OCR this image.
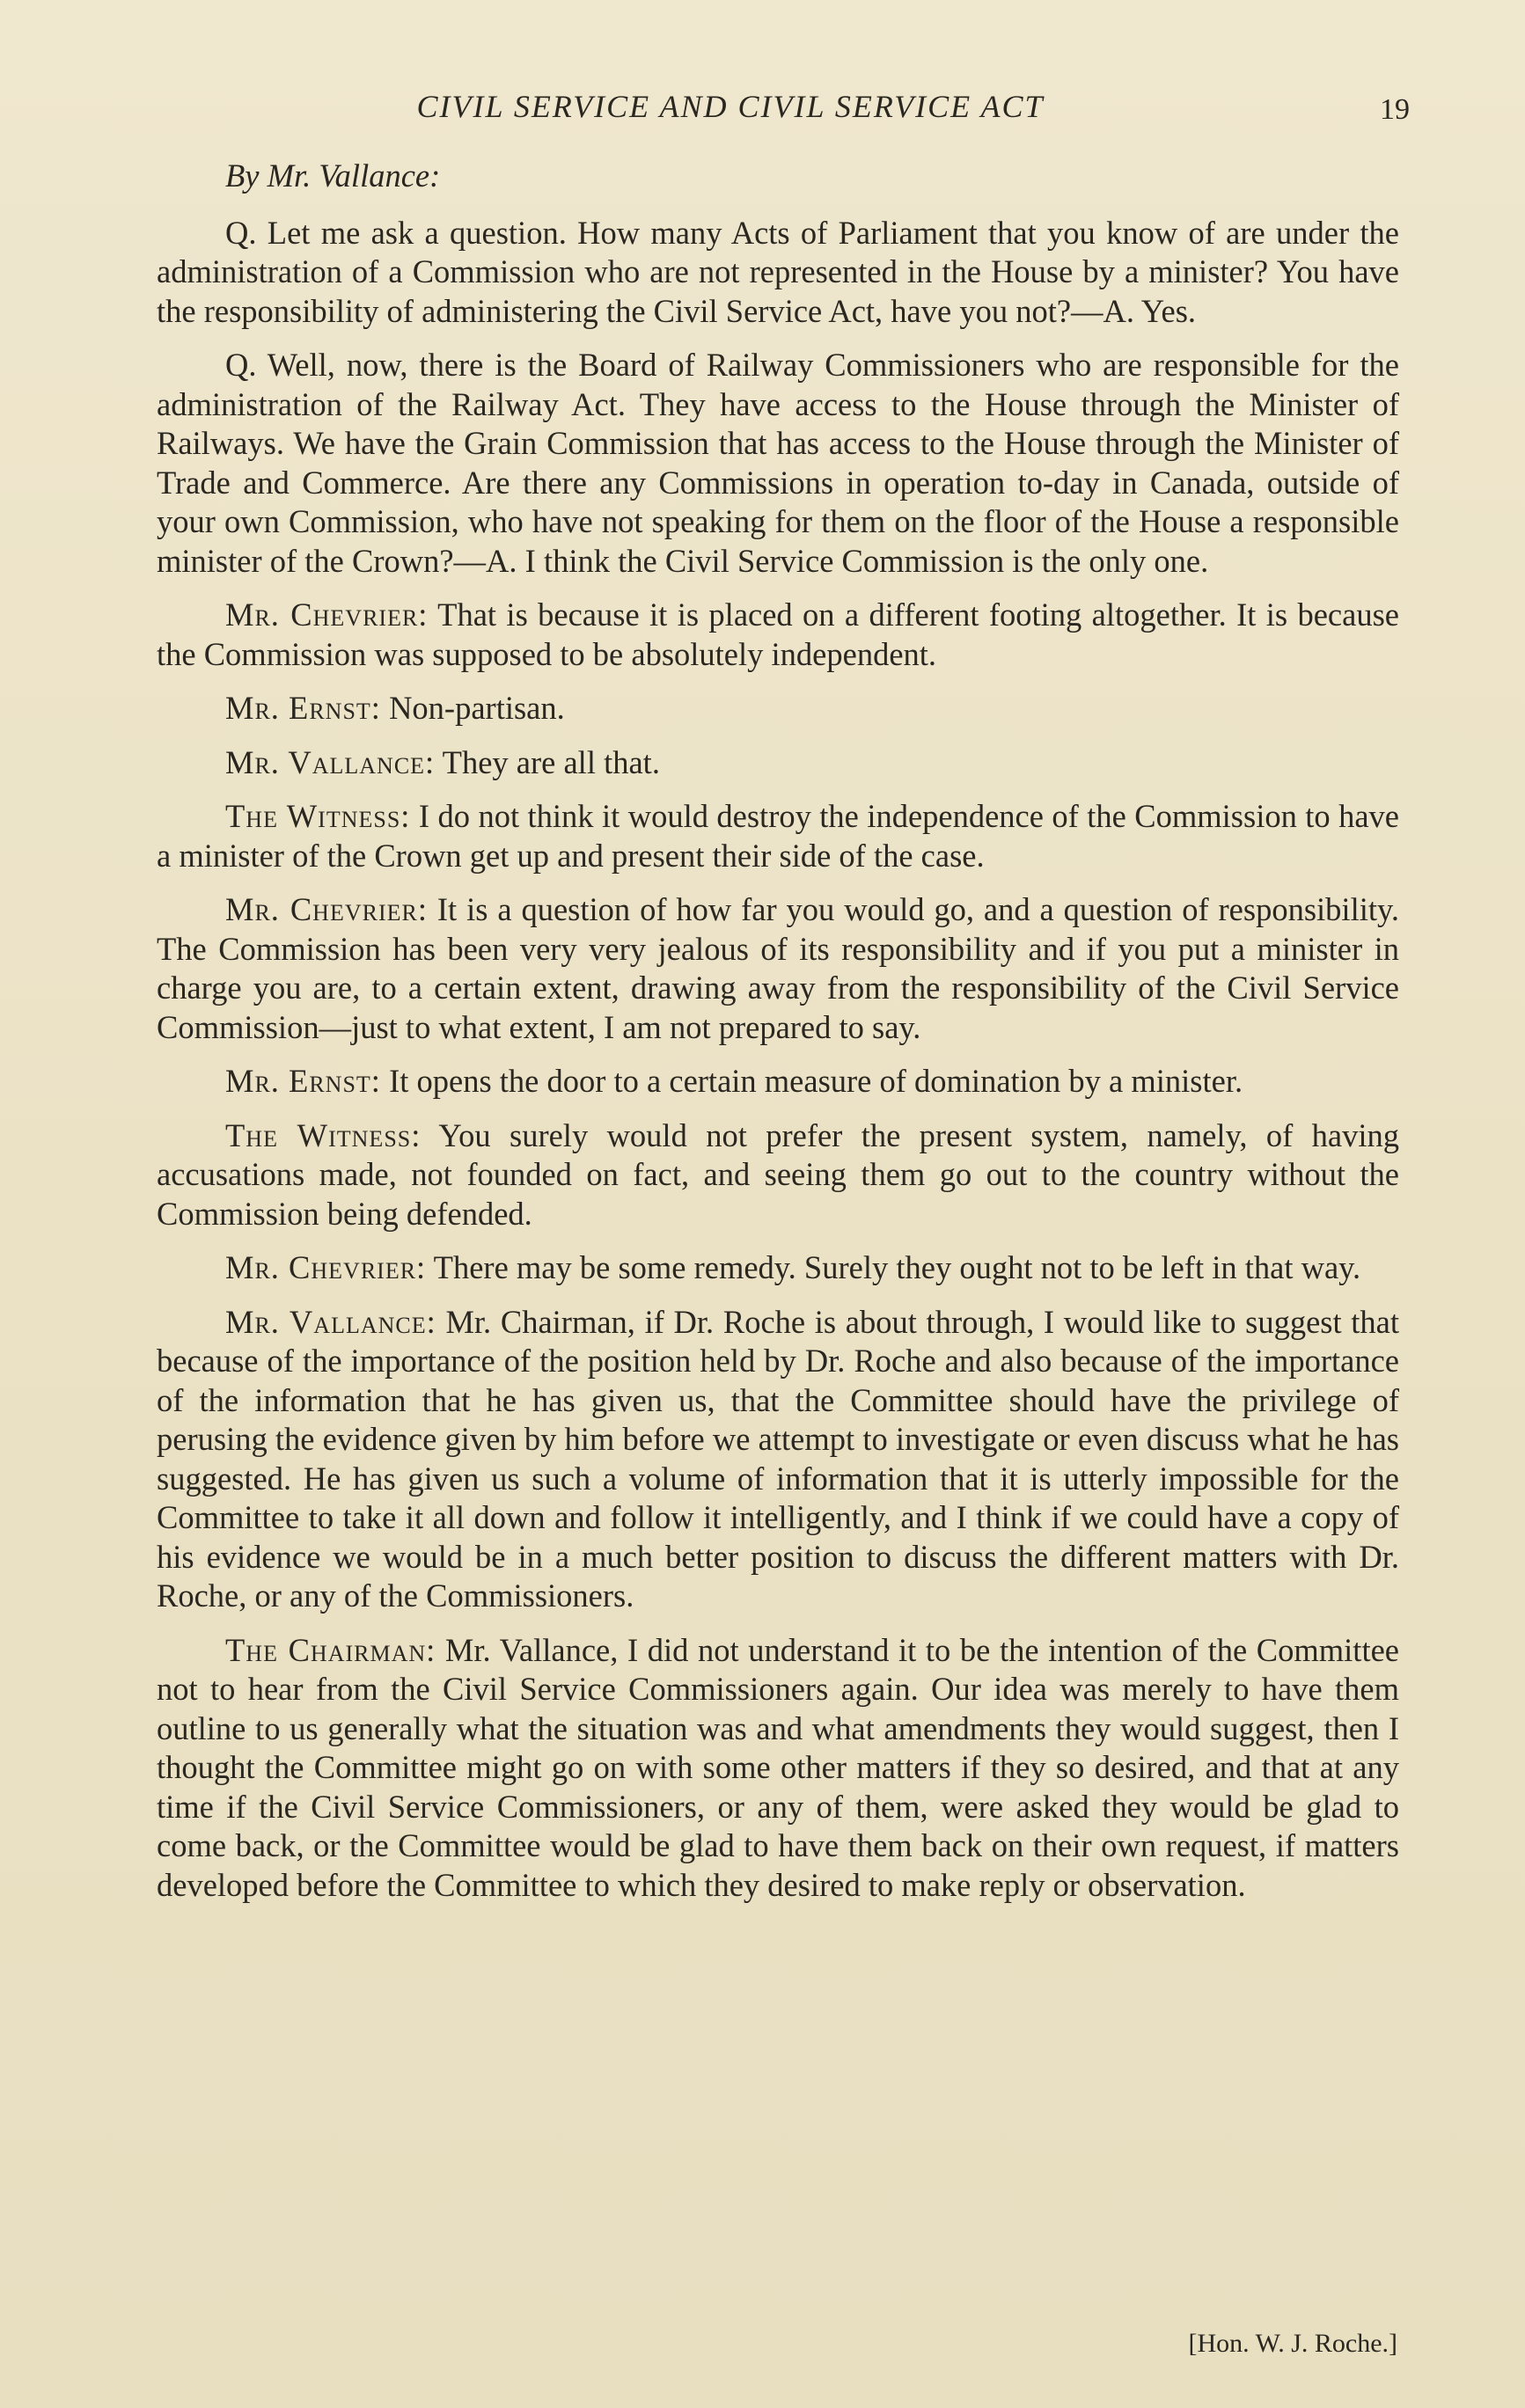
CIVIL SERVICE AND CIVIL SERVICE ACT	19
By Mr. Vallance:

Q. Let me ask a question. How many Acts of Parliament that you know of are under the administration of a Commission who are not represented in the House by a minister? You have the responsibility of administering the Civil Service Act, have you not?—A. Yes.

Q. Well, now, there is the Board of Railway Commissioners who are responsible for the administration of the Railway Act. They have access to the House through the Minister of Railways. We have the Grain Commission that has access to the House through the Minister of Trade and Commerce. Are there any Commissions in operation to-day in Canada, outside of your own Commission, who have not speaking for them on the floor of the House a responsible minister of the Crown?—A. I think the Civil Service Commission is the only one.

Mr. Chevrier: That is because it is placed on a different footing altogether. It is because the Commission was supposed to be absolutely independent.

Mr. Ernst: Non-partisan.

Mr. Vallance: They are all that.

The Witness: I do not think it would destroy the independence of the Commission to have a minister of the Crown get up and present their side of the case.

Mr. Chevrier: It is a question of how far you would go, and a question of responsibility. The Commission has been very very jealous of its responsibility and if you put a minister in charge you are, to a certain extent, drawing away from the responsibility of the Civil Service Commission—just to what extent, I am not prepared to say.

Mr. Ernst: It opens the door to a certain measure of domination by a minister.

The Witness: You surely would not prefer the present system, namely, of having accusations made, not founded on fact, and seeing them go out to the country without the Commission being defended.

Mr. Chevrier: There may be some remedy. Surely they ought not to be left in that way.

Mr. Vallance: Mr. Chairman, if Dr. Roche is about through, I would like to suggest that because of the importance of the position held by Dr. Roche and also because of the importance of the information that he has given us, that the Committee should have the privilege of perusing the evidence given by him before we attempt to investigate or even discuss what he has suggested. He has given us such a volume of information that it is utterly impossible for the Committee to take it all down and follow it intelligently, and I think if we could have a copy of his evidence we would be in a much better position to discuss the different matters with Dr. Roche, or any of the Commissioners.

The Chairman: Mr. Vallance, I did not understand it to be the intention of the Committee not to hear from the Civil Service Commissioners again. Our idea was merely to have them outline to us generally what the situation was and what amendments they would suggest, then I thought the Committee might go on with some other matters if they so desired, and that at any time if the Civil Service Commissioners, or any of them, were asked they would be glad to come back, or the Committee would be glad to have them back on their own request, if matters developed before the Committee to which they desired to make reply or observation.

[Hon. W. J. Roche.]
